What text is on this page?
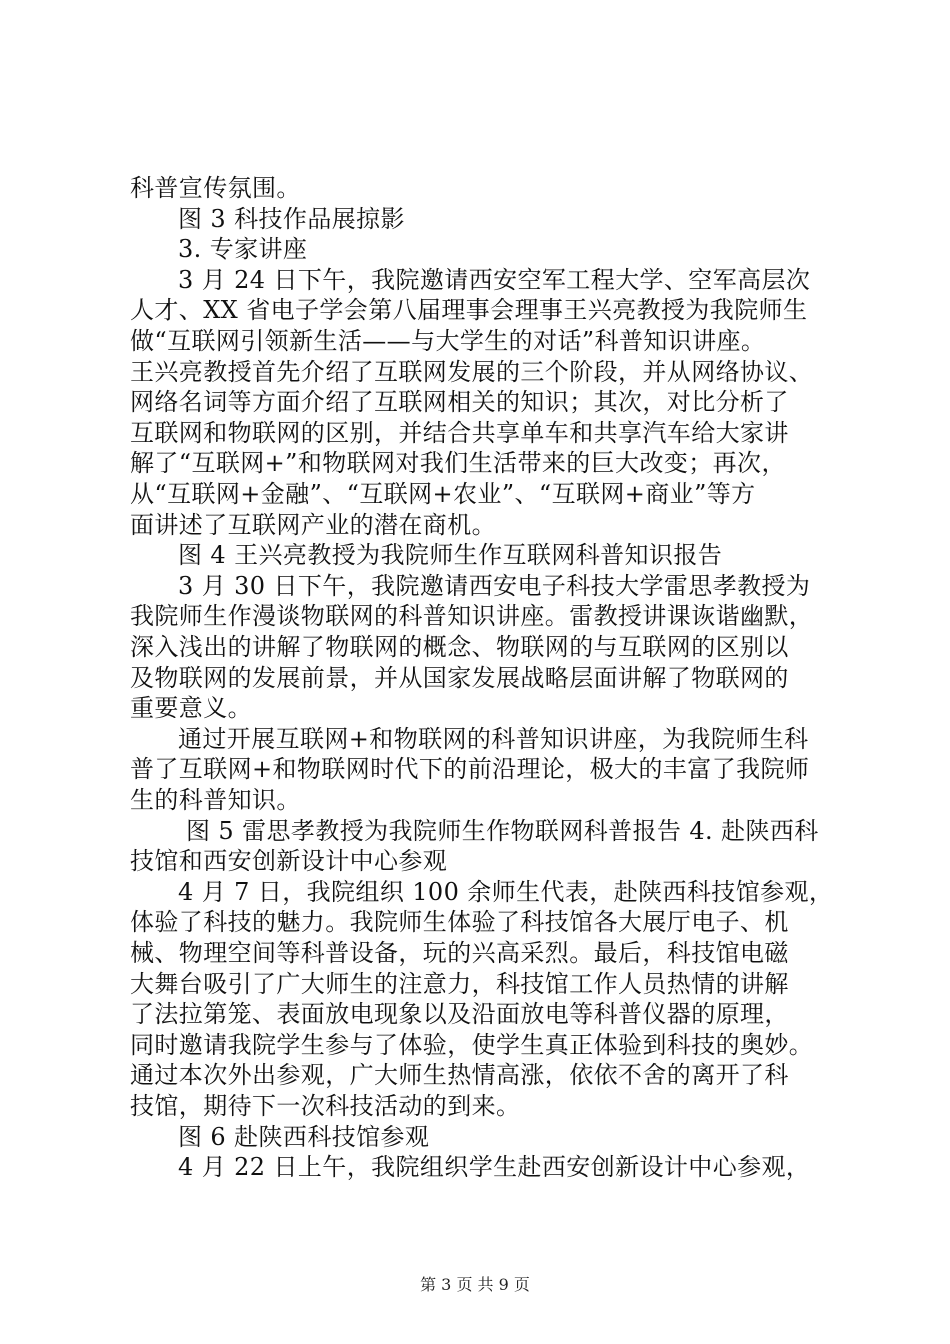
科普宣传氛围。
图 3 科技作品展掠影
3. 专家讲座
3 月 24 日下午，我院邀请西安空军工程大学、空军高层次
人才、XX 省电子学会第八届理事会理事王兴亮教授为我院师生
做“互联网引领新生活——与大学生的对话”科普知识讲座。
王兴亮教授首先介绍了互联网发展的三个阶段，并从网络协议、
网络名词等方面介绍了互联网相关的知识；其次，对比分析了
互联网和物联网的区别，并结合共享单车和共享汽车给大家讲
解了“互联网+”和物联网对我们生活带来的巨大改变；再次，
从“互联网+金融”、“互联网+农业”、“互联网+商业”等方
面讲述了互联网产业的潜在商机。
图 4 王兴亮教授为我院师生作互联网科普知识报告
3 月 30 日下午，我院邀请西安电子科技大学雷思孝教授为
我院师生作漫谈物联网的科普知识讲座。雷教授讲课诙谐幽默，
深入浅出的讲解了物联网的概念、物联网的与互联网的区别以
及物联网的发展前景，并从国家发展战略层面讲解了物联网的
重要意义。
通过开展互联网+和物联网的科普知识讲座，为我院师生科
普了互联网+和物联网时代下的前沿理论，极大的丰富了我院师
生的科普知识。
图 5 雷思孝教授为我院师生作物联网科普报告 4. 赴陕西科
技馆和西安创新设计中心参观
4 月 7 日，我院组织 100 余师生代表，赴陕西科技馆参观，
体验了科技的魅力。我院师生体验了科技馆各大展厅电子、机
械、物理空间等科普设备，玩的兴高采烈。最后，科技馆电磁
大舞台吸引了广大师生的注意力，科技馆工作人员热情的讲解
了法拉第笼、表面放电现象以及沿面放电等科普仪器的原理，
同时邀请我院学生参与了体验，使学生真正体验到科技的奥妙。
通过本次外出参观，广大师生热情高涨，依依不舍的离开了科
技馆，期待下一次科技活动的到来。
图 6 赴陕西科技馆参观
4 月 22 日上午，我院组织学生赴西安创新设计中心参观，
第 3 页 共 9 页
